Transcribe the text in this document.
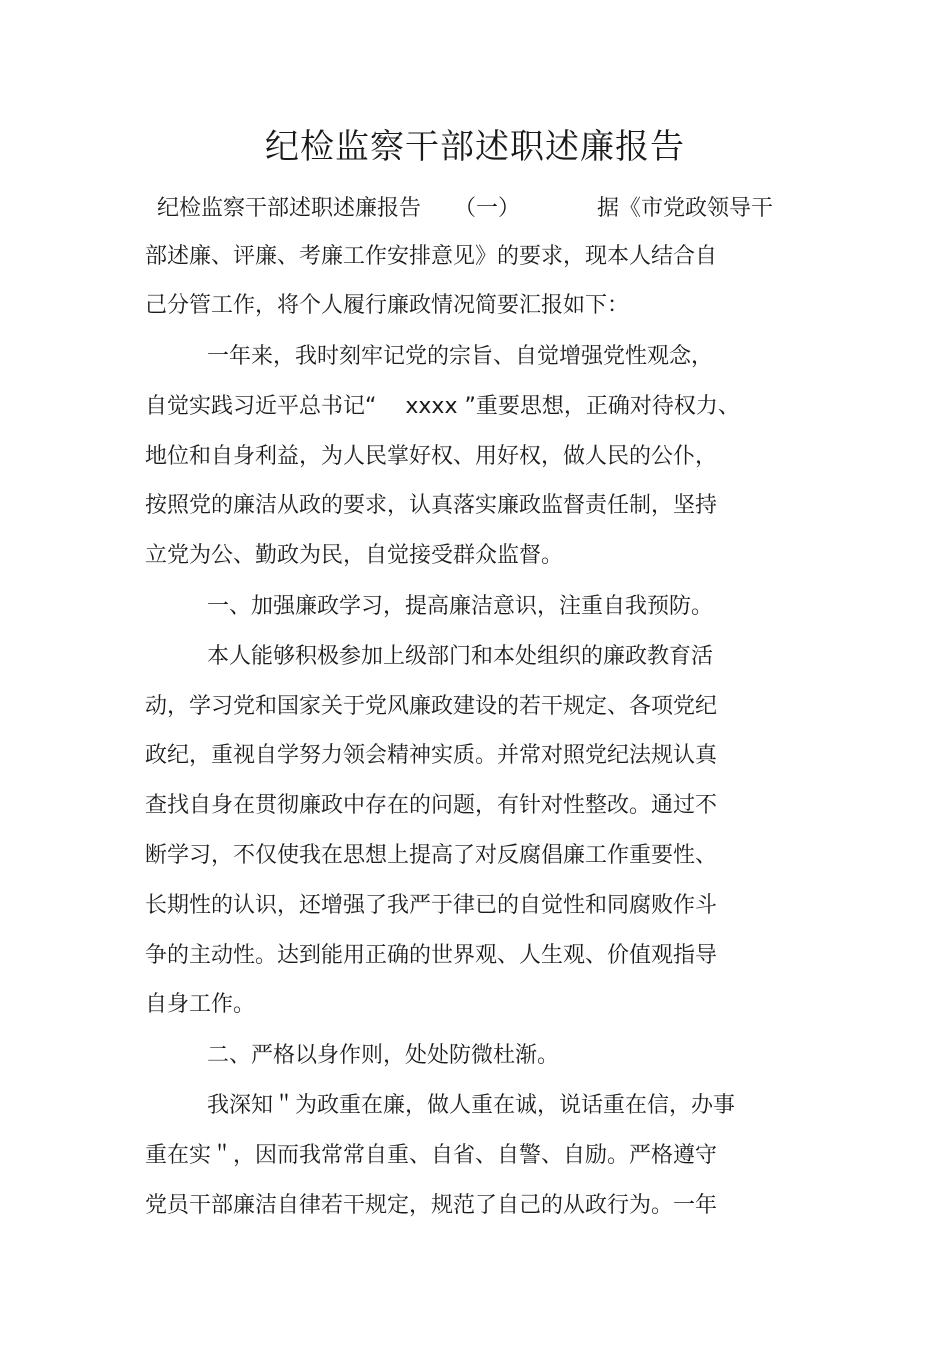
纪检监察干部述职述廉报告

纪检监察干部述职述廉报告　　（一）　　　　据《市党政领导干

部述廉、评廉、考廉工作安排意见》的要求，现本人结合自

己分管工作，将个人履行廉政情况简要汇报如下：

一年来，我时刻牢记党的宗旨、自觉增强党性观念，

自觉实践习近平总书记“　 xxxx ”重要思想，正确对待权力、

地位和自身利益，为人民掌好权、用好权，做人民的公仆，

按照党的廉洁从政的要求，认真落实廉政监督责任制，坚持

立党为公、勤政为民，自觉接受群众监督。

一、加强廉政学习，提高廉洁意识，注重自我预防。

本人能够积极参加上级部门和本处组织的廉政教育活

动，学习党和国家关于党风廉政建设的若干规定、各项党纪

政纪，重视自学努力领会精神实质。并常对照党纪法规认真

查找自身在贯彻廉政中存在的问题，有针对性整改。通过不

断学习，不仅使我在思想上提高了对反腐倡廉工作重要性、

长期性的认识，还增强了我严于律已的自觉性和同腐败作斗

争的主动性。达到能用正确的世界观、人生观、价值观指导

自身工作。

二、严格以身作则，处处防微杜渐。

我深知＂为政重在廉，做人重在诚，说话重在信，办事

重在实＂，因而我常常自重、自省、自警、自励。严格遵守

党员干部廉洁自律若干规定，规范了自己的从政行为。一年
